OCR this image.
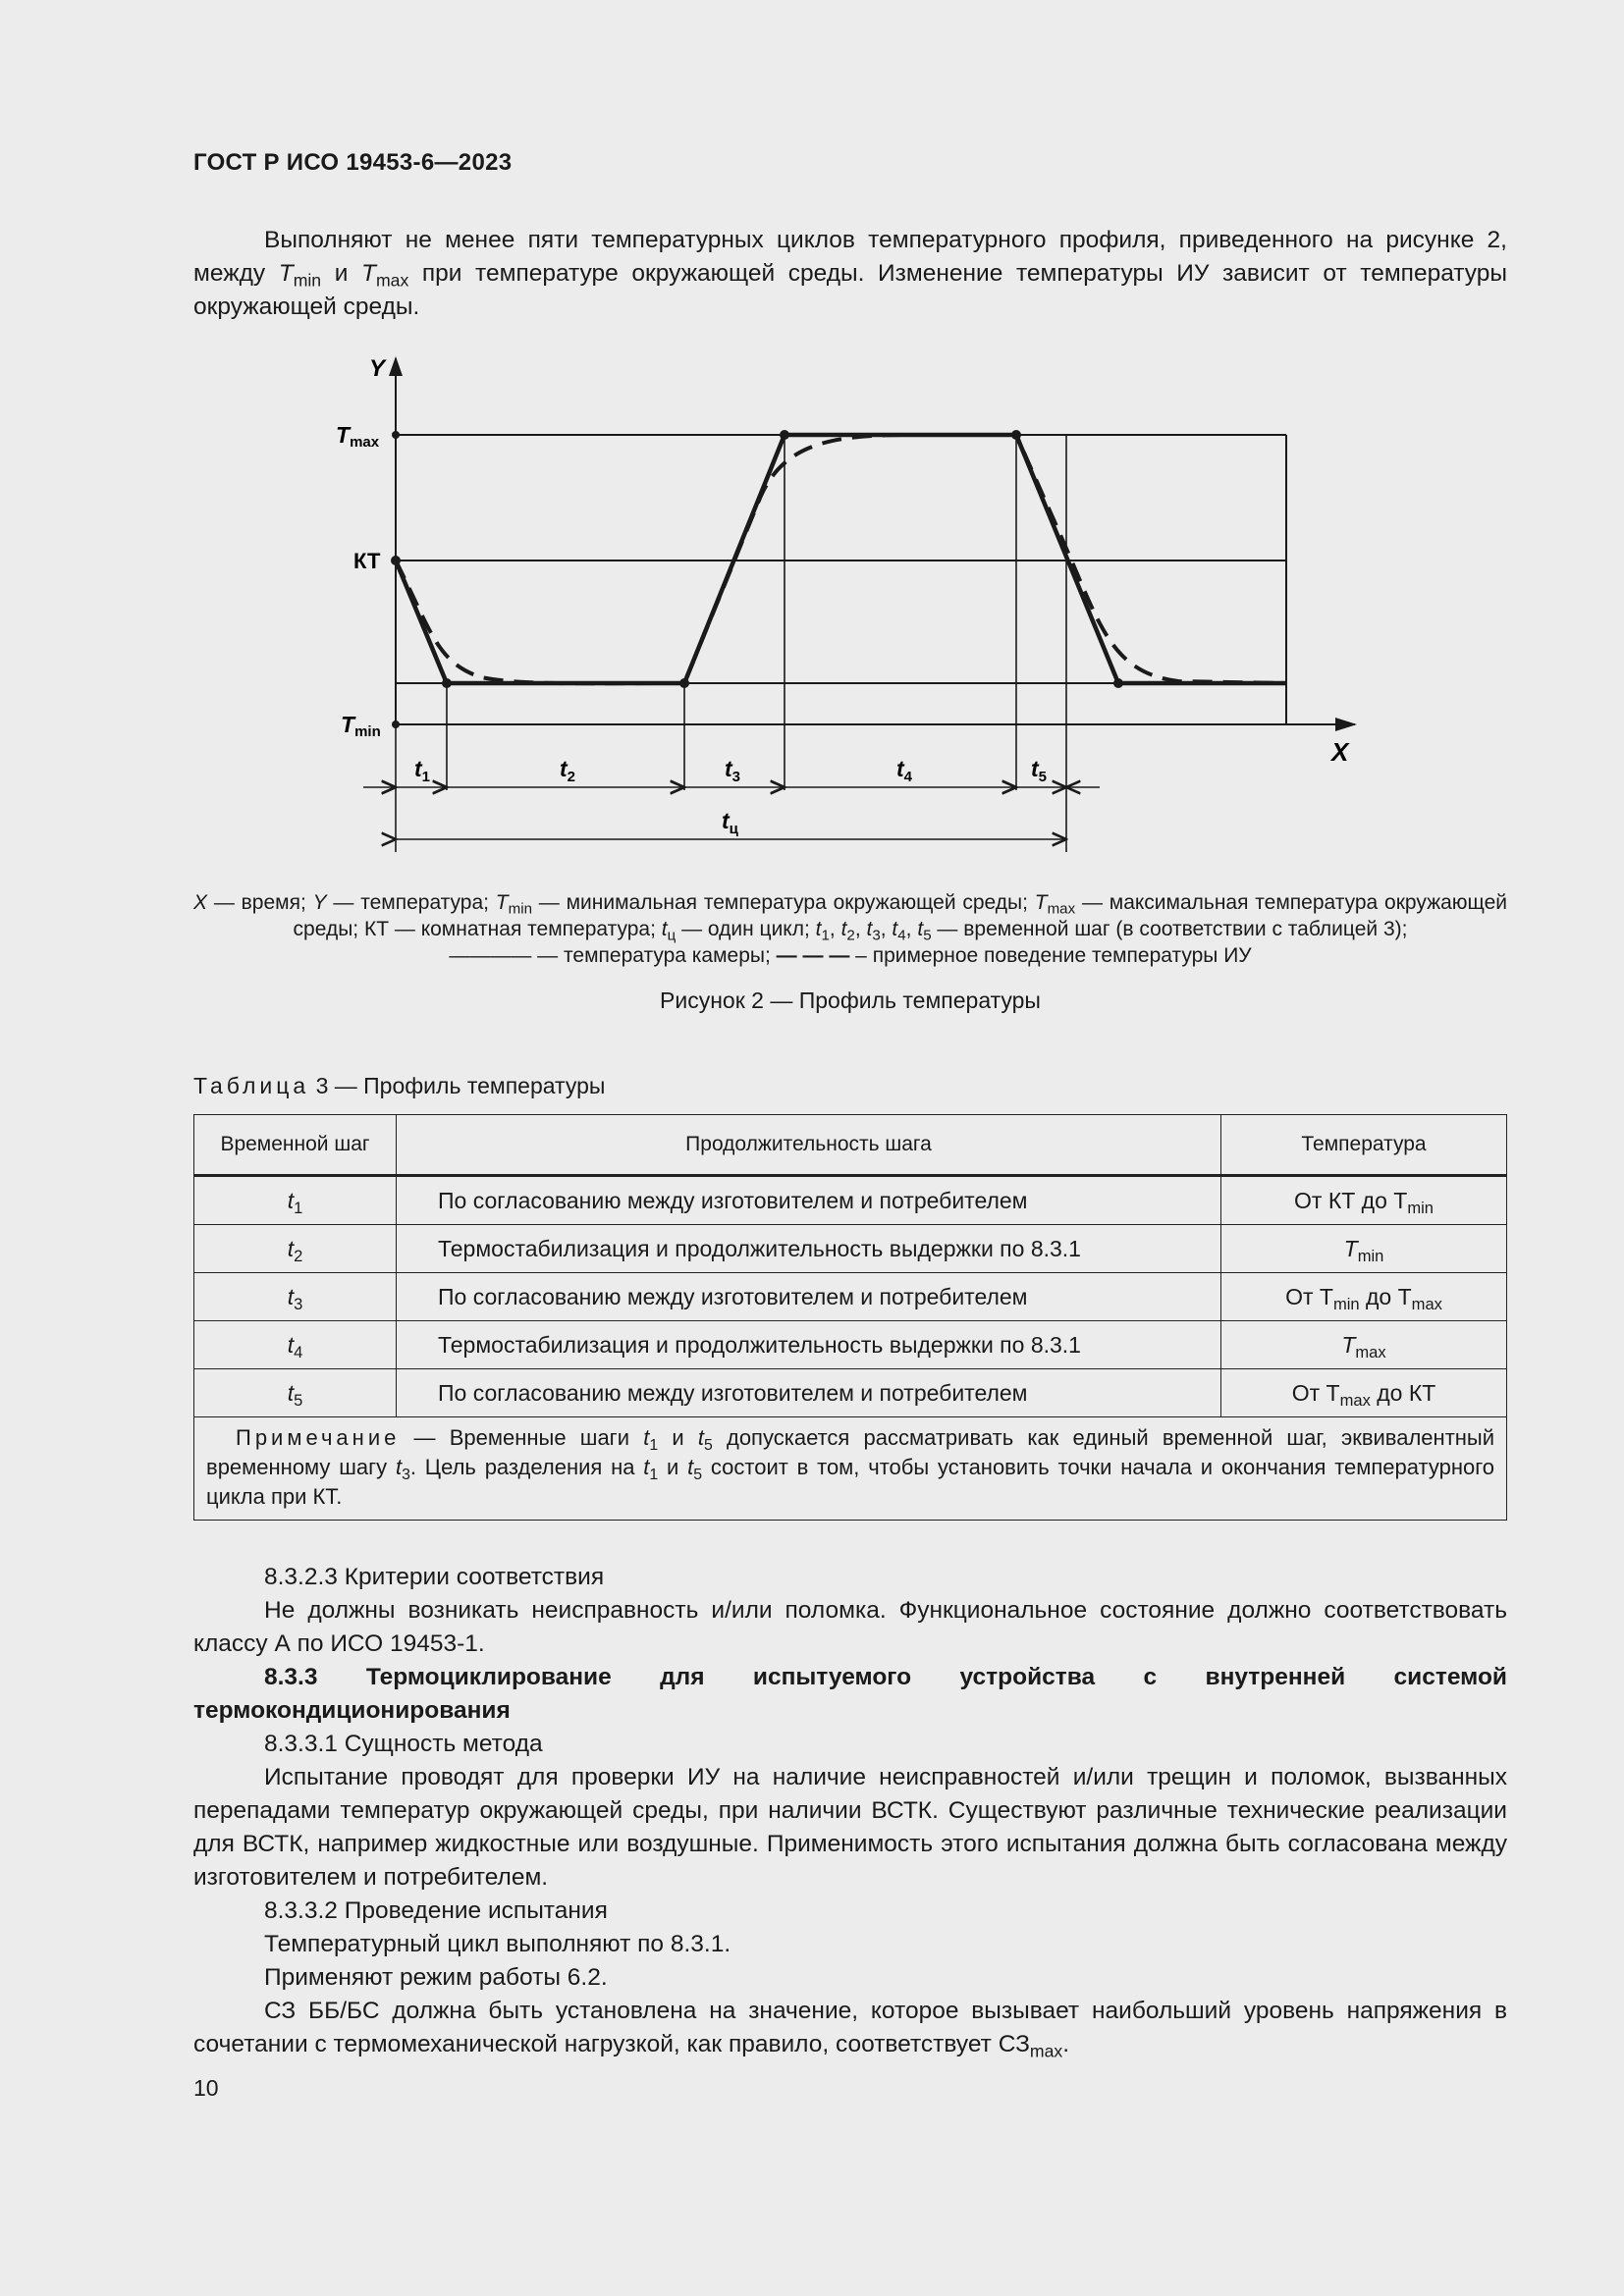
ГОСТ Р ИСО 19453-6—2023
Выполняют не менее пяти температурных циклов температурного профиля, приведенного на рисунке 2, между $T_{min}$ и $T_{max}$ при температуре окружающей среды. Изменение температуры ИУ зависит от температуры окружающей среды.
Y
X
Tmax
КТ
Tmin
$t_1$	$t_2$	$t_3$	$t_4$	$t_5$
$t_ц$
X — время; Y — температура; $T_{min}$ — минимальная температура окружающей среды; $T_{max}$ — максимальная температура окружающей среды; КТ — комнатная температура; $t_ц$ — один цикл; $t_1$, $t_2$, $t_3$, $t_4$, $t_5$ — временной шаг (в соответствии с таблицей 3);
———— — температура камеры; — — — – примерное поведение температуры ИУ
Рисунок 2 — Профиль температуры
Таблица 3 — Профиль температуры
Временной шаг	Продолжительность шага	Температура
$t_1$	По согласованию между изготовителем и потребителем	От КТ до $T_{min}$
$t_2$	Термостабилизация и продолжительность выдержки по 8.3.1	$T_{min}$
$t_3$	По согласованию между изготовителем и потребителем	От $T_{min}$ до $T_{max}$
$t_4$	Термостабилизация и продолжительность выдержки по 8.3.1	$T_{max}$
$t_5$	По согласованию между изготовителем и потребителем	От $T_{max}$ до КТ
Примечание — Временные шаги $t_1$ и $t_5$ допускается рассматривать как единый временной шаг, эквивалентный временному шагу $t_3$. Цель разделения на $t_1$ и $t_5$ состоит в том, чтобы установить точки начала и окончания температурного цикла при КТ.		
8.3.2.3 Критерии соответствия
Не должны возникать неисправность и/или поломка. Функциональное состояние должно соответствовать классу А по ИСО 19453-1.
8.3.3 Термоциклирование для испытуемого устройства с внутренней системой термокондиционирования
8.3.3.1 Сущность метода
Испытание проводят для проверки ИУ на наличие неисправностей и/или трещин и поломок, вызванных перепадами температур окружающей среды, при наличии ВСТК. Существуют различные технические реализации для ВСТК, например жидкостные или воздушные. Применимость этого испытания должна быть согласована между изготовителем и потребителем.
8.3.3.2 Проведение испытания
Температурный цикл выполняют по 8.3.1.
Применяют режим работы 6.2.
СЗ ББ/БС должна быть установлена на значение, которое вызывает наибольший уровень напряжения в сочетании с термомеханической нагрузкой, как правило, соответствует $СЗ_{max}$.
10
